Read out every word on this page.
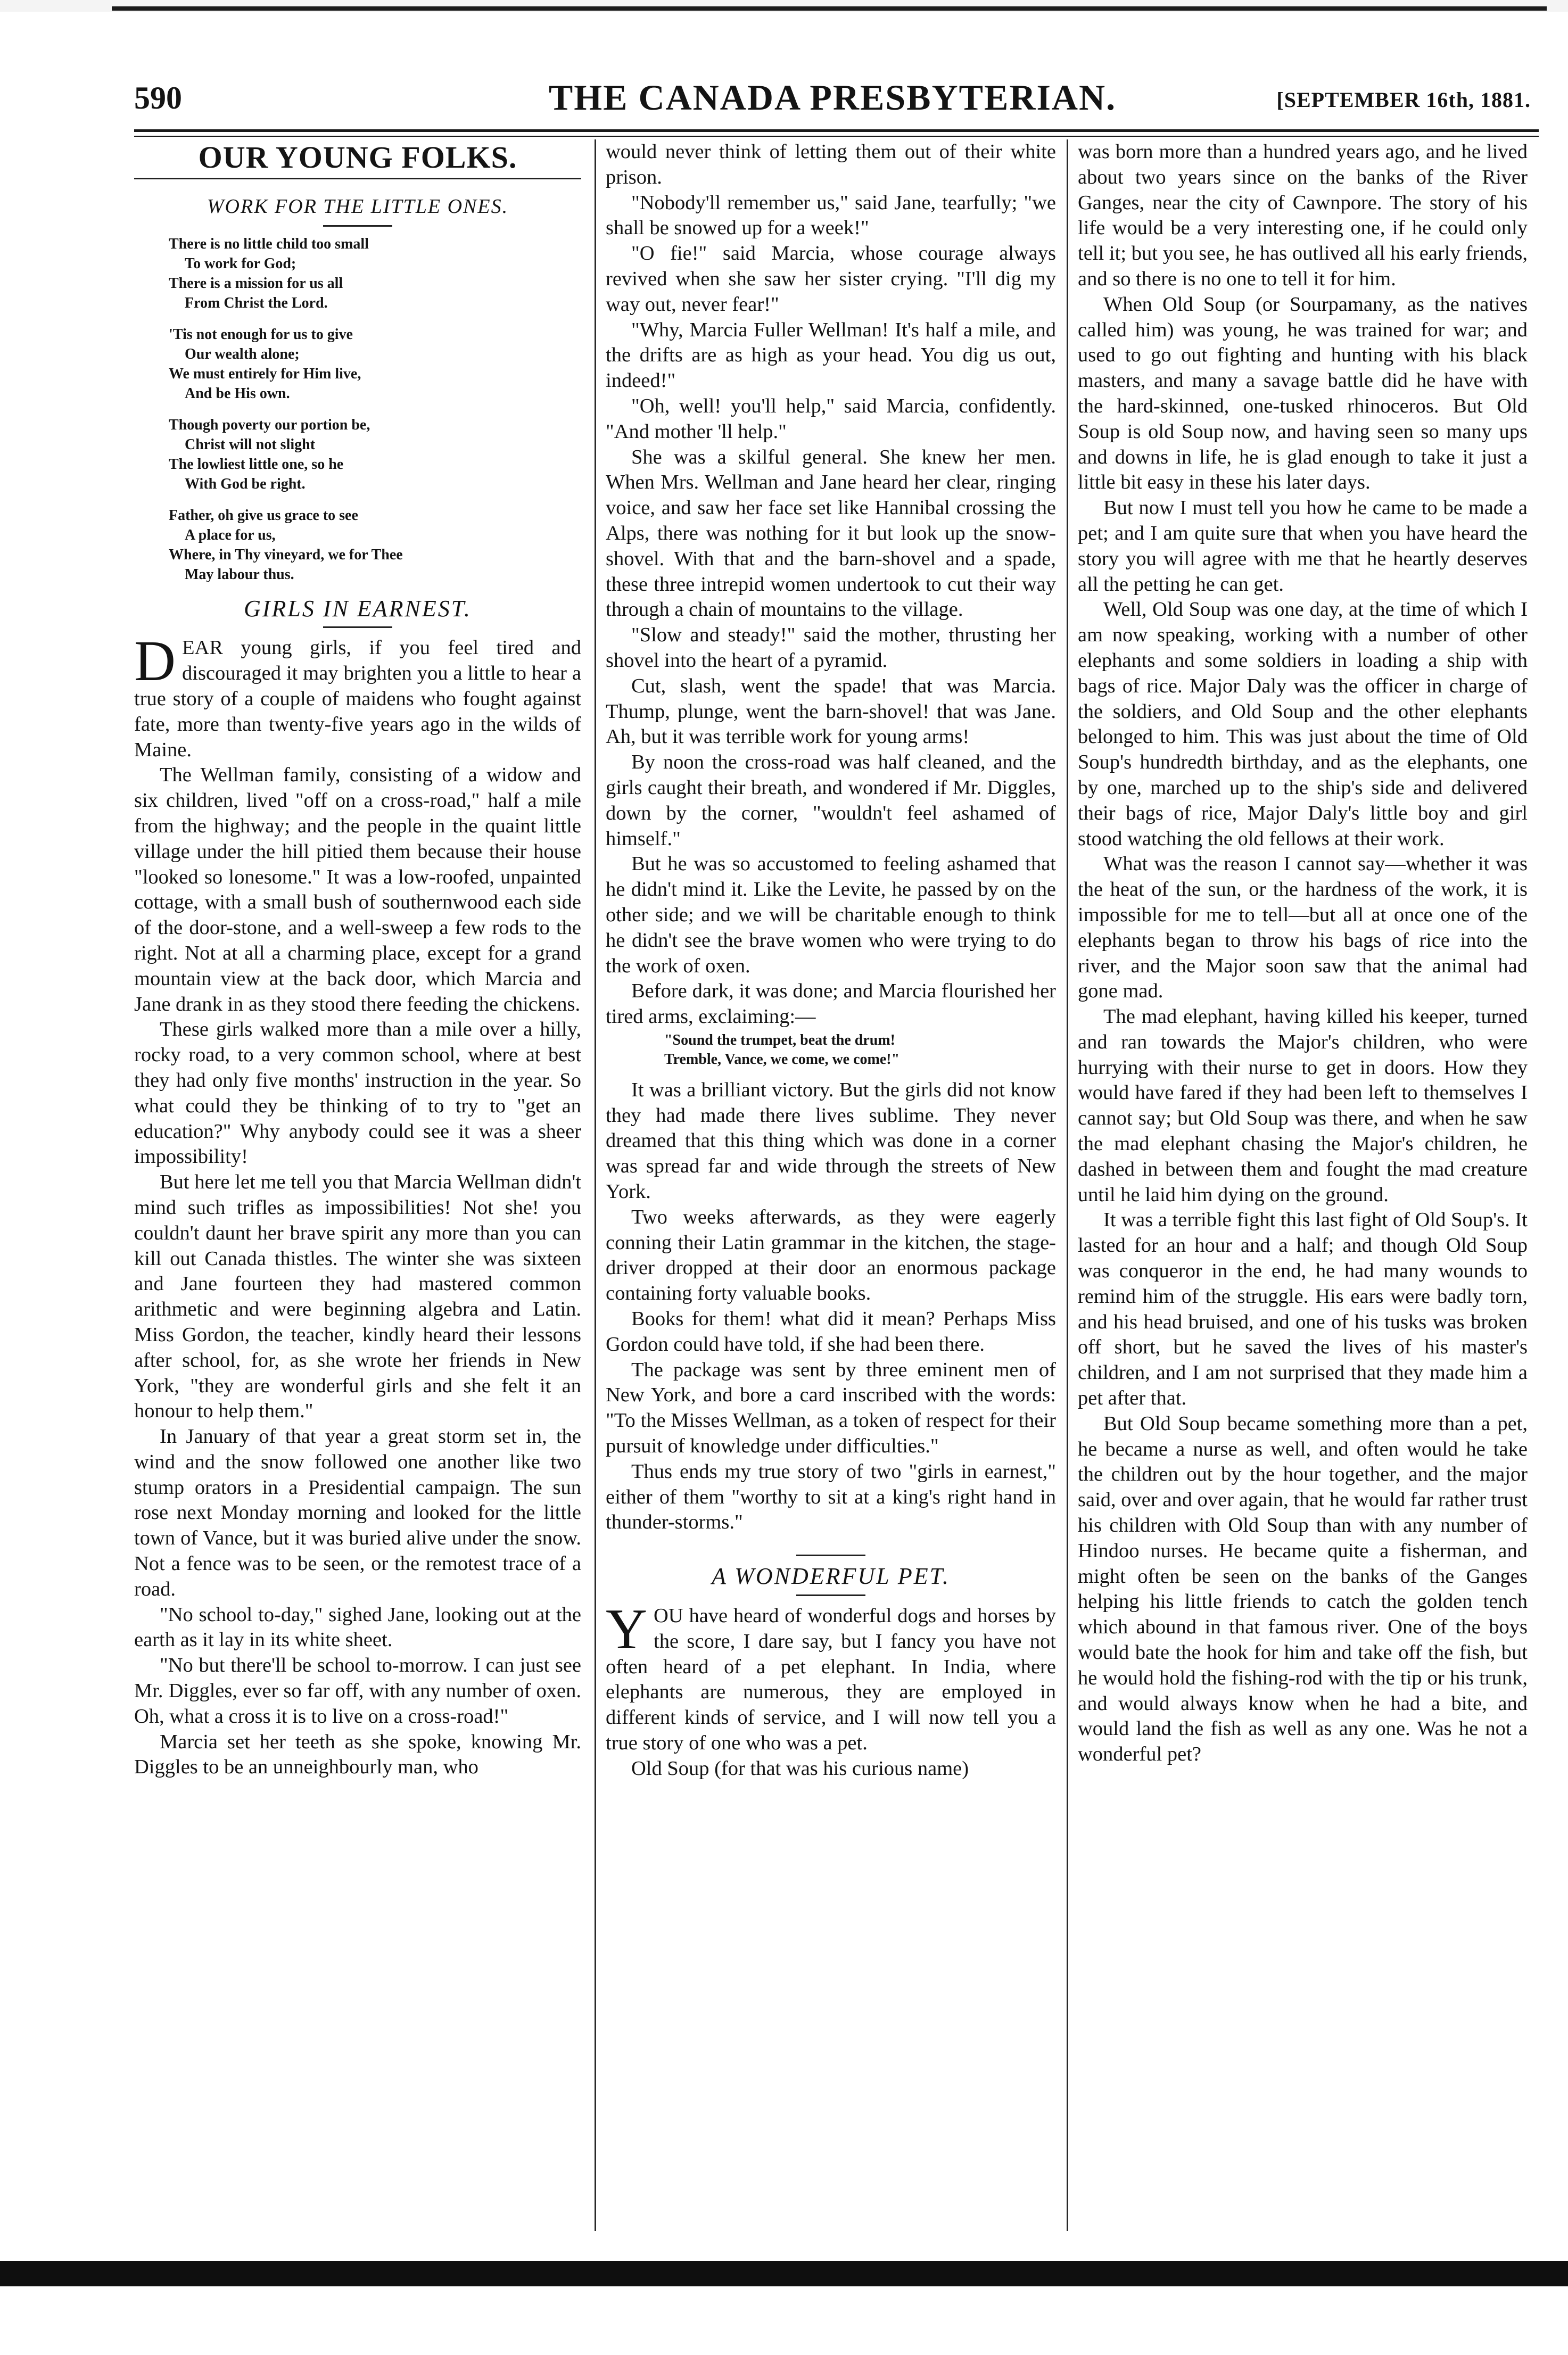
590	THE CANADA PRESBYTERIAN.	[SEPTEMBER 16th, 1881.
OUR YOUNG FOLKS.
WORK FOR THE LITTLE ONES.
There is no little child too small
To work for God;
There is a mission for us all
From Christ the Lord.
'Tis not enough for us to give
Our wealth alone;
We must entirely for Him live,
And be His own.
Though poverty our portion be,
Christ will not slight
The lowliest little one, so he
With God be right.
Father, oh give us grace to see
A place for us,
Where, in Thy vineyard, we for Thee
May labour thus.
GIRLS IN EARNEST.

DEAR young girls, if you feel tired and discouraged it may brighten you a little to hear a true story of a couple of maidens who fought against fate, more than twenty-five years ago in the wilds of Maine.

The Wellman family, consisting of a widow and six children, lived "off on a cross-road," half a mile from the highway; and the people in the quaint little village under the hill pitied them because their house "looked so lonesome." It was a low-roofed, unpainted cottage, with a small bush of southernwood each side of the door-stone, and a well-sweep a few rods to the right. Not at all a charming place, except for a grand mountain view at the back door, which Marcia and Jane drank in as they stood there feeding the chickens.

These girls walked more than a mile over a hilly, rocky road, to a very common school, where at best they had only five months' instruction in the year. So what could they be thinking of to try to "get an education?" Why anybody could see it was a sheer impossibility!

But here let me tell you that Marcia Wellman didn't mind such trifles as impossibilities! Not she! you couldn't daunt her brave spirit any more than you can kill out Canada thistles. The winter she was sixteen and Jane fourteen they had mastered common arithmetic and were beginning algebra and Latin. Miss Gordon, the teacher, kindly heard their lessons after school, for, as she wrote her friends in New York, "they are wonderful girls and she felt it an honour to help them."

In January of that year a great storm set in, the wind and the snow followed one another like two stump orators in a Presidential campaign. The sun rose next Monday morning and looked for the little town of Vance, but it was buried alive under the snow. Not a fence was to be seen, or the remotest trace of a road.

"No school to-day," sighed Jane, looking out at the earth as it lay in its white sheet.

"No but there'll be school to-morrow. I can just see Mr. Diggles, ever so far off, with any number of oxen. Oh, what a cross it is to live on a cross-road!"

Marcia set her teeth as she spoke, knowing Mr. Diggles to be an unneighbourly man, who

would never think of letting them out of their white prison.

"Nobody'll remember us," said Jane, tearfully; "we shall be snowed up for a week!"

"O fie!" said Marcia, whose courage always revived when she saw her sister crying. "I'll dig my way out, never fear!"

"Why, Marcia Fuller Wellman! It's half a mile, and the drifts are as high as your head. You dig us out, indeed!"

"Oh, well! you'll help," said Marcia, confidently. "And mother 'll help."

She was a skilful general. She knew her men. When Mrs. Wellman and Jane heard her clear, ringing voice, and saw her face set like Hannibal crossing the Alps, there was nothing for it but look up the snow-shovel. With that and the barn-shovel and a spade, these three intrepid women undertook to cut their way through a chain of mountains to the village.

"Slow and steady!" said the mother, thrusting her shovel into the heart of a pyramid.

Cut, slash, went the spade! that was Marcia. Thump, plunge, went the barn-shovel! that was Jane. Ah, but it was terrible work for young arms!

By noon the cross-road was half cleaned, and the girls caught their breath, and wondered if Mr. Diggles, down by the corner, "wouldn't feel ashamed of himself."

But he was so accustomed to feeling ashamed that he didn't mind it. Like the Levite, he passed by on the other side; and we will be charitable enough to think he didn't see the brave women who were trying to do the work of oxen.

Before dark, it was done; and Marcia flourished her tired arms, exclaiming:—

"Sound the trumpet, beat the drum!
Tremble, Vance, we come, we come!"

It was a brilliant victory. But the girls did not know they had made there lives sublime. They never dreamed that this thing which was done in a corner was spread far and wide through the streets of New York.

Two weeks afterwards, as they were eagerly conning their Latin grammar in the kitchen, the stage-driver dropped at their door an enormous package containing forty valuable books.

Books for them! what did it mean? Perhaps Miss Gordon could have told, if she had been there.

The package was sent by three eminent men of New York, and bore a card inscribed with the words: "To the Misses Wellman, as a token of respect for their pursuit of knowledge under difficulties."

Thus ends my true story of two "girls in earnest," either of them "worthy to sit at a king's right hand in thunder-storms."

A WONDERFUL PET.

YOU have heard of wonderful dogs and horses by the score, I dare say, but I fancy you have not often heard of a pet elephant. In India, where elephants are numerous, they are employed in different kinds of service, and I will now tell you a true story of one who was a pet.

Old Soup (for that was his curious name)

was born more than a hundred years ago, and he lived about two years since on the banks of the River Ganges, near the city of Cawnpore. The story of his life would be a very interesting one, if he could only tell it; but you see, he has outlived all his early friends, and so there is no one to tell it for him.

When Old Soup (or Sourpamany, as the natives called him) was young, he was trained for war; and used to go out fighting and hunting with his black masters, and many a savage battle did he have with the hard-skinned, one-tusked rhinoceros. But Old Soup is old Soup now, and having seen so many ups and downs in life, he is glad enough to take it just a little bit easy in these his later days.

But now I must tell you how he came to be made a pet; and I am quite sure that when you have heard the story you will agree with me that he heartly deserves all the petting he can get.

Well, Old Soup was one day, at the time of which I am now speaking, working with a number of other elephants and some soldiers in loading a ship with bags of rice. Major Daly was the officer in charge of the soldiers, and Old Soup and the other elephants belonged to him. This was just about the time of Old Soup's hundredth birthday, and as the elephants, one by one, marched up to the ship's side and delivered their bags of rice, Major Daly's little boy and girl stood watching the old fellows at their work.

What was the reason I cannot say—whether it was the heat of the sun, or the hardness of the work, it is impossible for me to tell—but all at once one of the elephants began to throw his bags of rice into the river, and the Major soon saw that the animal had gone mad.

The mad elephant, having killed his keeper, turned and ran towards the Major's children, who were hurrying with their nurse to get in doors. How they would have fared if they had been left to themselves I cannot say; but Old Soup was there, and when he saw the mad elephant chasing the Major's children, he dashed in between them and fought the mad creature until he laid him dying on the ground.

It was a terrible fight this last fight of Old Soup's. It lasted for an hour and a half; and though Old Soup was conqueror in the end, he had many wounds to remind him of the struggle. His ears were badly torn, and his head bruised, and one of his tusks was broken off short, but he saved the lives of his master's children, and I am not surprised that they made him a pet after that.

But Old Soup became something more than a pet, he became a nurse as well, and often would he take the children out by the hour together, and the major said, over and over again, that he would far rather trust his children with Old Soup than with any number of Hindoo nurses. He became quite a fisherman, and might often be seen on the banks of the Ganges helping his little friends to catch the golden tench which abound in that famous river. One of the boys would bate the hook for him and take off the fish, but he would hold the fishing-rod with the tip or his trunk, and would always know when he had a bite, and would land the fish as well as any one. Was he not a wonderful pet?
